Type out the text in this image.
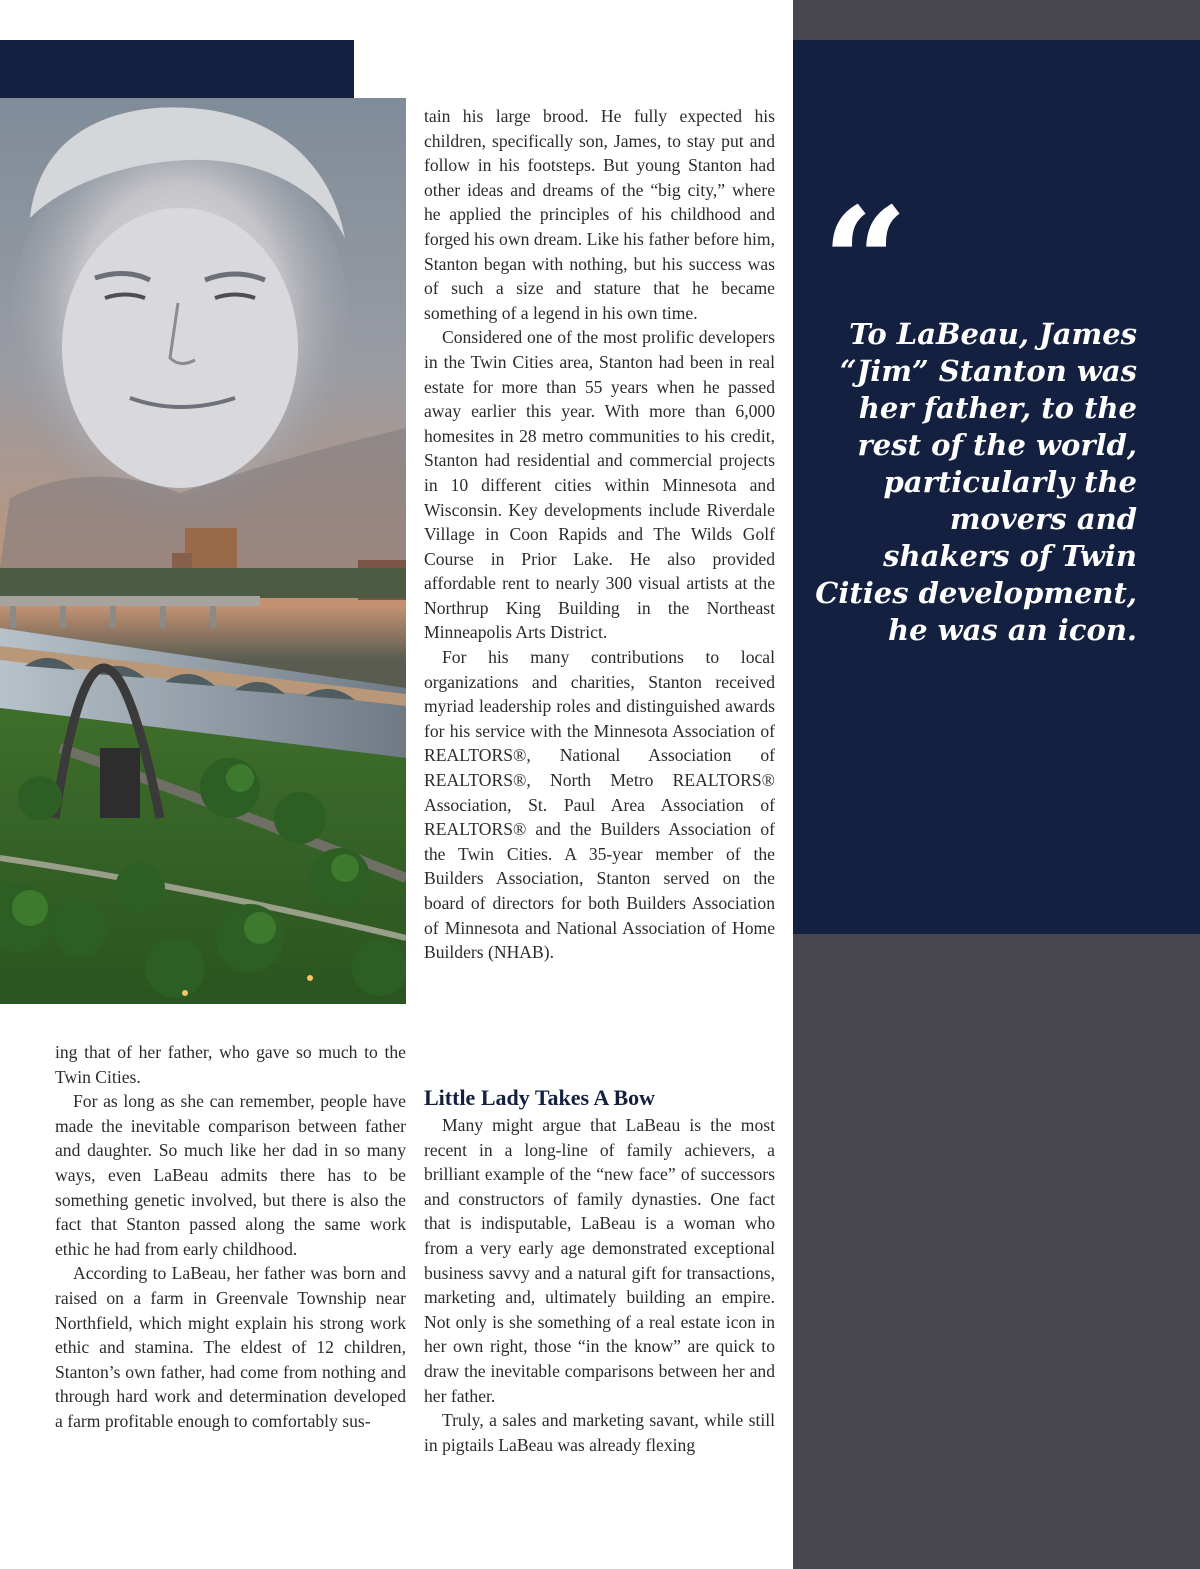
“
To LaBeau, James “Jim” Stanton was her father, to the rest of the world, particularly the movers and shakers of Twin Cities development, he was an icon.

tain his large brood. He fully expected his children, specifically son, James, to stay put and follow in his footsteps. But young Stanton had other ideas and dreams of the “big city,” where he applied the principles of his childhood and forged his own dream. Like his father before him, Stanton began with nothing, but his success was of such a size and stature that he became something of a legend in his own time.

Considered one of the most prolific developers in the Twin Cities area, Stanton had been in real estate for more than 55 years when he passed away earlier this year. With more than 6,000 homesites in 28 metro communities to his credit, Stanton had residential and commercial projects in 10 different cities within Minnesota and Wisconsin. Key developments include Riverdale Village in Coon Rapids and The Wilds Golf Course in Prior Lake. He also provided affordable rent to nearly 300 visual artists at the Northrup King Building in the Northeast Minneapolis Arts District.

For his many contributions to local organizations and charities, Stanton received myriad leadership roles and distinguished awards for his service with the Minnesota Association of REALTORS®, National Association of REALTORS®, North Metro REALTORS® Association, St. Paul Area Association of REALTORS® and the Builders Association of the Twin Cities. A 35-year member of the Builders Association, Stanton served on the board of directors for both Builders Association of Minnesota and National Association of Home Builders (NHAB).

ing that of her father, who gave so much to the Twin Cities.

For as long as she can remember, people have made the inevitable comparison between father and daughter. So much like her dad in so many ways, even LaBeau admits there has to be something genetic involved, but there is also the fact that Stanton passed along the same work ethic he had from early childhood.

According to LaBeau, her father was born and raised on a farm in Greenvale Township near Northfield, which might explain his strong work ethic and stamina. The eldest of 12 children, Stanton’s own father, had come from nothing and through hard work and determination developed a farm profitable enough to comfortably sus-

Little Lady Takes A Bow

Many might argue that LaBeau is the most recent in a long-line of family achievers, a brilliant example of the “new face” of successors and constructors of family dynasties. One fact that is indisputable, LaBeau is a woman who from a very early age demonstrated exceptional business savvy and a natural gift for transactions, marketing and, ultimately building an empire. Not only is she something of a real estate icon in her own right, those “in the know” are quick to draw the inevitable comparisons between her and her father.

Truly, a sales and marketing savant, while still in pigtails LaBeau was already flexing
